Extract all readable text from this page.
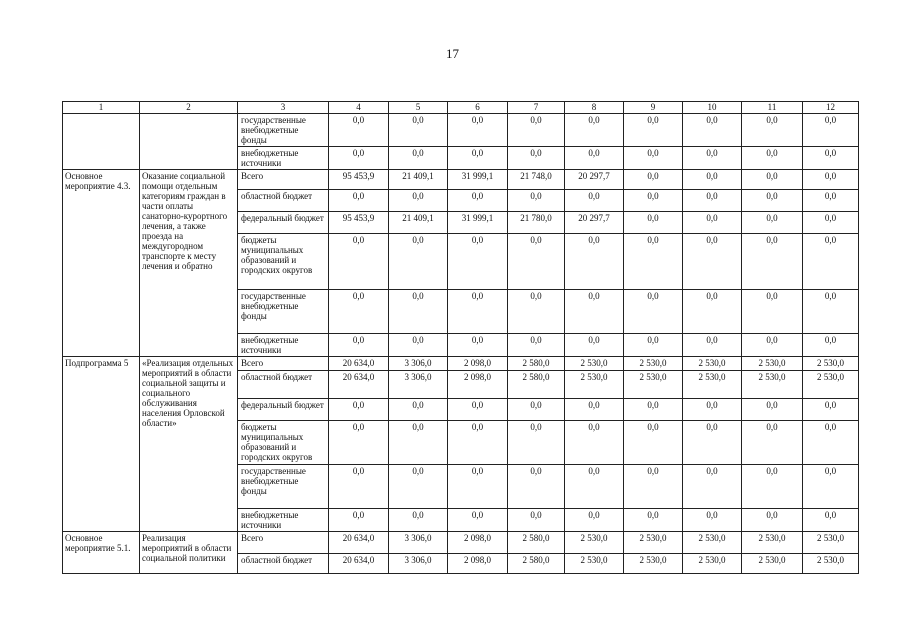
17
1	2	3	4	5	6	7	8	9	10	11	12
		государственные внебюджетные фонды	0,0	0,0	0,0	0,0	0,0	0,0	0,0	0,0	0,0
		внебюджетные источники	0,0	0,0	0,0	0,0	0,0	0,0	0,0	0,0	0,0
Основное мероприятие 4.3.	Оказание социальной помощи отдельным категориям граждан в части оплаты санаторно-курортного лечения, а также проезда на междугородном транспорте к месту лечения и обратно	Всего	95 453,9	21 409,1	31 999,1	21 748,0	20 297,7	0,0	0,0	0,0	0,0
		областной бюджет	0,0	0,0	0,0	0,0	0,0	0,0	0,0	0,0	0,0
		федеральный бюджет	95 453,9	21 409,1	31 999,1	21 780,0	20 297,7	0,0	0,0	0,0	0,0
		бюджеты муниципальных образований и городских округов	0,0	0,0	0,0	0,0	0,0	0,0	0,0	0,0	0,0
		государственные внебюджетные фонды	0,0	0,0	0,0	0,0	0,0	0,0	0,0	0,0	0,0
		внебюджетные источники	0,0	0,0	0,0	0,0	0,0	0,0	0,0	0,0	0,0
Подпрограмма 5	«Реализация отдельных мероприятий в области социальной защиты и социального обслуживания населения Орловской области»	Всего	20 634,0	3 306,0	2 098,0	2 580,0	2 530,0	2 530,0	2 530,0	2 530,0	2 530,0
		областной бюджет	20 634,0	3 306,0	2 098,0	2 580,0	2 530,0	2 530,0	2 530,0	2 530,0	2 530,0
		федеральный бюджет	0,0	0,0	0,0	0,0	0,0	0,0	0,0	0,0	0,0
		бюджеты муниципальных образований и городских округов	0,0	0,0	0,0	0,0	0,0	0,0	0,0	0,0	0,0
		государственные внебюджетные фонды	0,0	0,0	0,0	0,0	0,0	0,0	0,0	0,0	0,0
		внебюджетные источники	0,0	0,0	0,0	0,0	0,0	0,0	0,0	0,0	0,0
Основное мероприятие 5.1.	Реализация мероприятий в области социальной политики	Всего	20 634,0	3 306,0	2 098,0	2 580,0	2 530,0	2 530,0	2 530,0	2 530,0	2 530,0
		областной бюджет	20 634,0	3 306,0	2 098,0	2 580,0	2 530,0	2 530,0	2 530,0	2 530,0	2 530,0
